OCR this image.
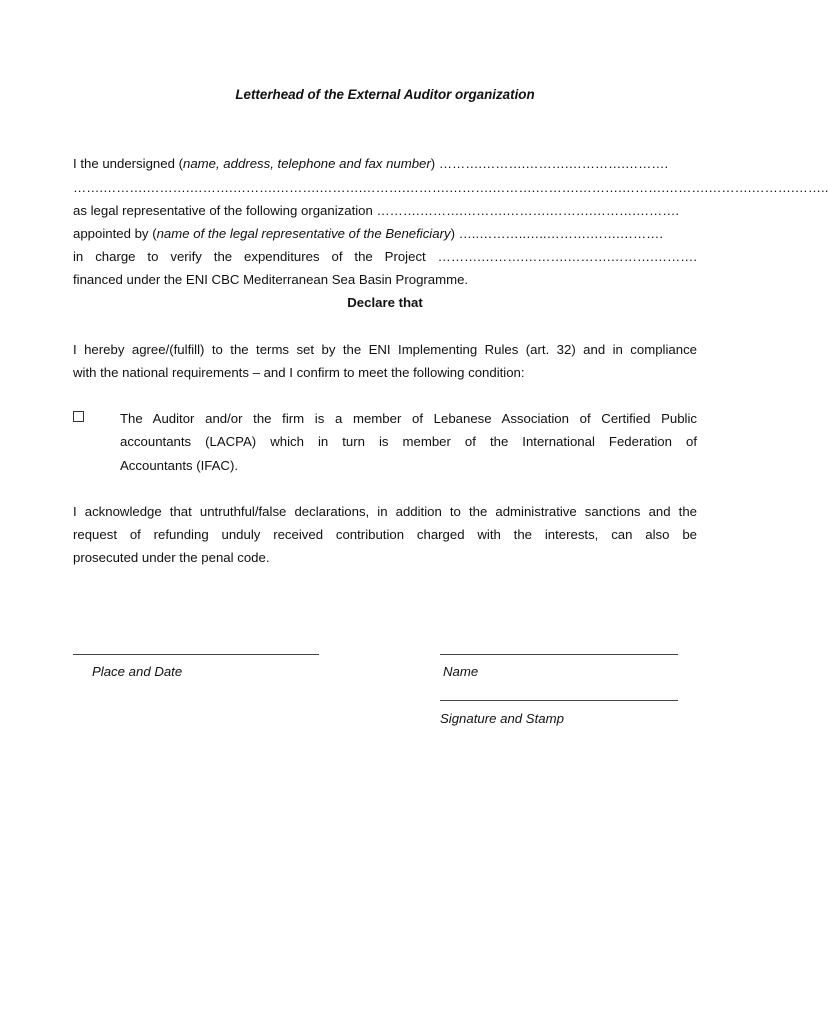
Letterhead of the External Auditor organization
I the undersigned (name, address, telephone and fax number) ……….……….……….………….……….
…….……….……….……….……….……….……….……….……….……….……….……….……….……….……….……….……….……..
as legal representative of the following organization ……….……….……….……….……….……….……….
appointed by (name of the legal representative of the Beneficiary) …..………..…..……….…….……….
in charge to verify the expenditures of the Project ……….……….……….……….……….……….
financed under the ENI CBC Mediterranean Sea Basin Programme.
Declare that
I hereby agree/(fulfill) to the terms set by the ENI Implementing Rules (art. 32) and in compliance
with the national requirements – and I confirm to meet the following condition:
The Auditor and/or the firm is a member of Lebanese Association of Certified Public
accountants (LACPA) which in turn is member of the International Federation of
Accountants (IFAC).
I acknowledge that untruthful/false declarations, in addition to the administrative sanctions and the
request of refunding unduly received contribution charged with the interests, can also be
prosecuted under the penal code.
Place and Date	Name
Signature and Stamp
